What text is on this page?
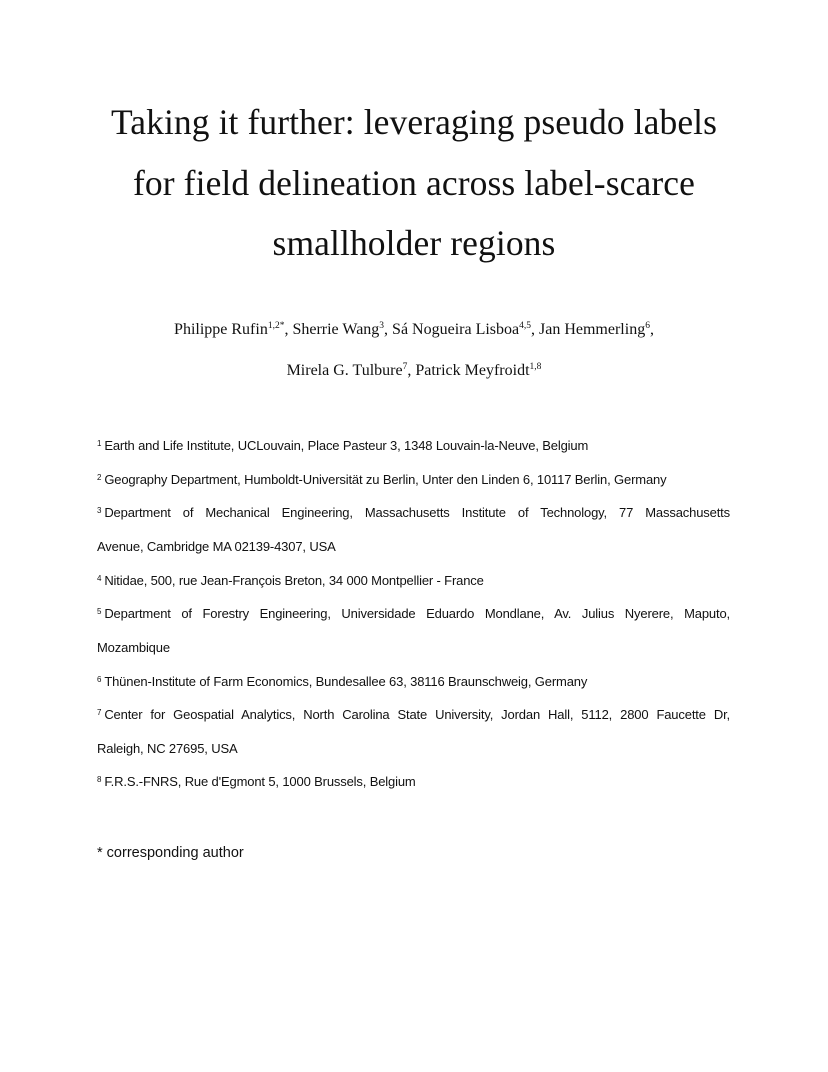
Taking it further: leveraging pseudo labels
for field delineation across label-scarce
smallholder regions
Philippe Rufin$^{1,2*}$, Sherrie Wang$^3$, Sá Nogueira Lisboa$^{4,5}$, Jan Hemmerling$^6$,
Mirela G. Tulbure$^7$, Patrick Meyfroidt$^{1,8}$
$^1$ Earth and Life Institute, UCLouvain, Place Pasteur 3, 1348 Louvain-la-Neuve, Belgium
$^2$ Geography Department, Humboldt-Universität zu Berlin, Unter den Linden 6, 10117 Berlin, Germany
$^3$ Department of Mechanical Engineering, Massachusetts Institute of Technology, 77 Massachusetts
Avenue, Cambridge MA 02139-4307, USA
$^4$ Nitidae, 500, rue Jean-François Breton, 34 000 Montpellier - France
$^5$ Department of Forestry Engineering, Universidade Eduardo Mondlane, Av. Julius Nyerere, Maputo,
Mozambique
$^6$ Thünen-Institute of Farm Economics, Bundesallee 63, 38116 Braunschweig, Germany
$^7$ Center for Geospatial Analytics, North Carolina State University, Jordan Hall, 5112, 2800 Faucette Dr,
Raleigh, NC 27695, USA
$^8$ F.R.S.-FNRS, Rue d'Egmont 5, 1000 Brussels, Belgium
* corresponding author
